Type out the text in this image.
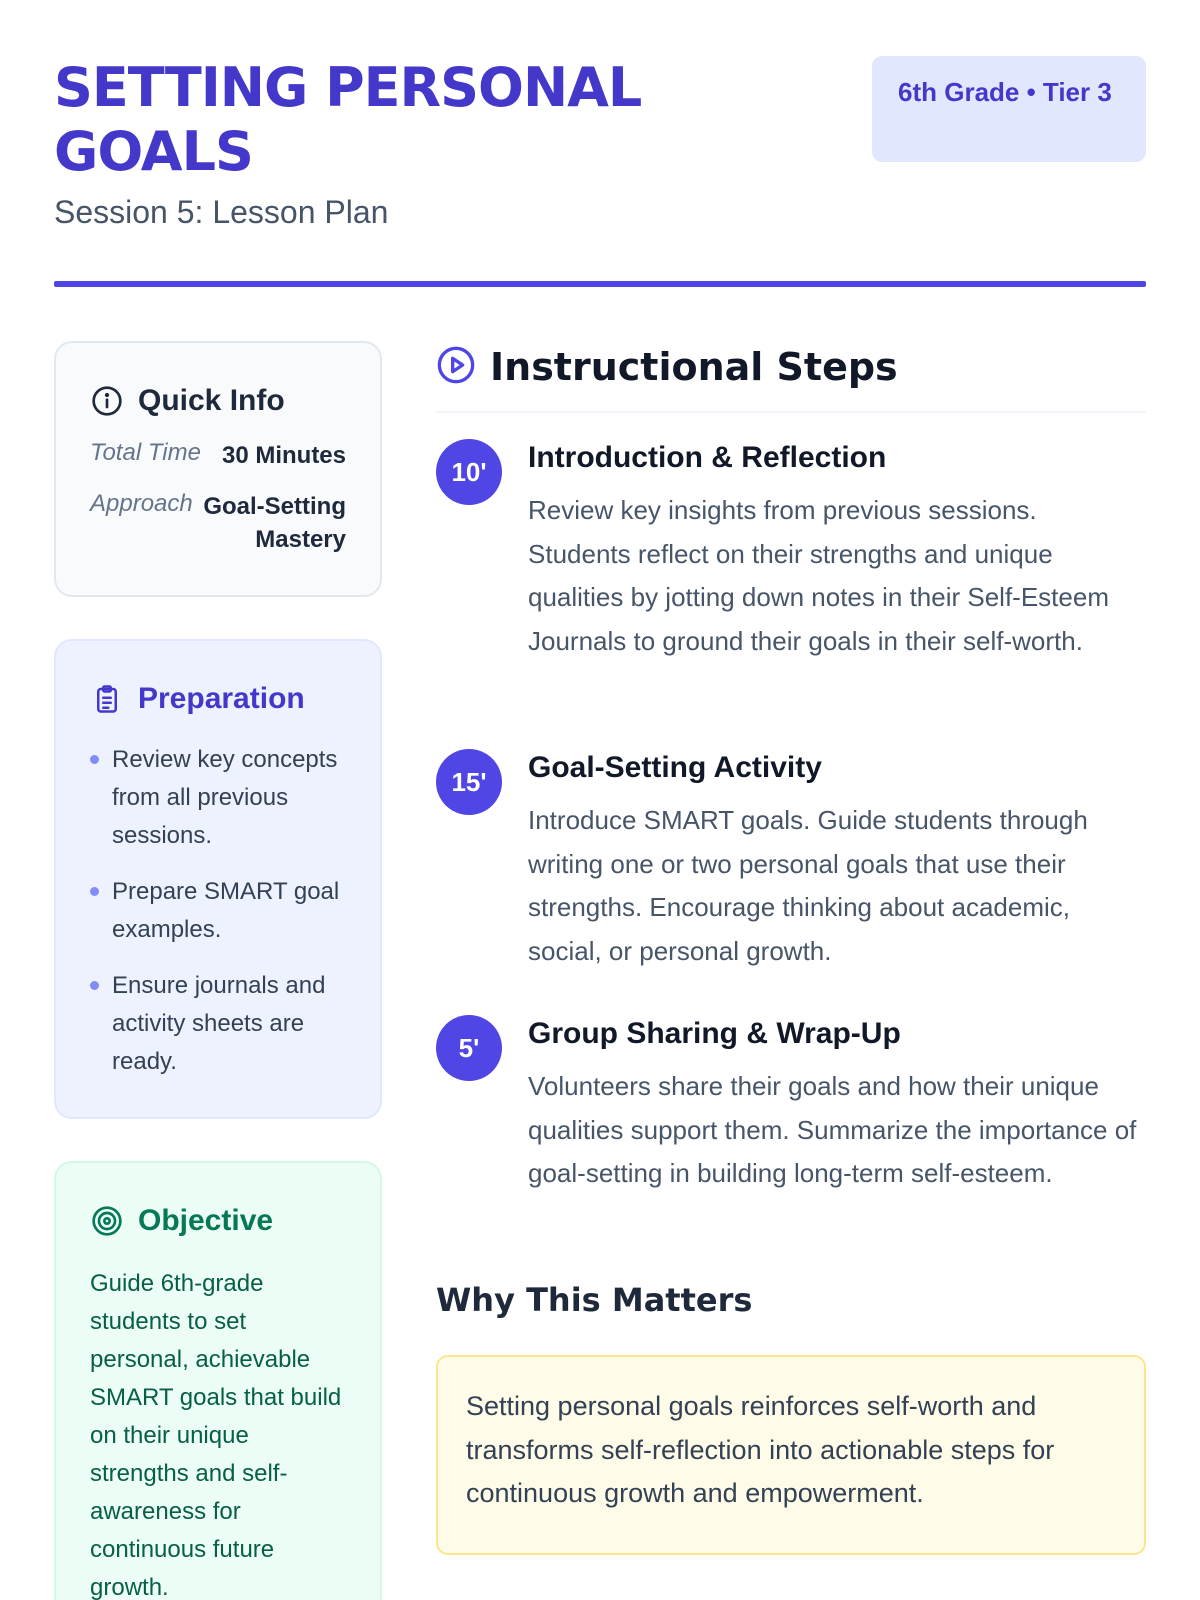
SETTING PERSONAL GOALS
Session 5: Lesson Plan
6th Grade • Tier 3
Quick Info
Total Time 30 Minutes
Approach Goal-Setting Mastery
Preparation
Review key concepts from all previous sessions.
Prepare SMART goal examples.
Ensure journals and activity sheets are ready.
Objective

Guide 6th-grade students to set personal, achievable SMART goals that build on their unique strengths and self-awareness for continuous future growth.

Instructional Steps
10'	Introduction & Reflection
Review key insights from previous sessions. Students reflect on their strengths and unique qualities by jotting down notes in their Self-Esteem Journals to ground their goals in their self-worth.
15'	Goal-Setting Activity
Introduce SMART goals. Guide students through writing one or two personal goals that use their strengths. Encourage thinking about academic, social, or personal growth.
5'	Group Sharing & Wrap-Up
Volunteers share their goals and how their unique qualities support them. Summarize the importance of goal-setting in building long-term self-esteem.
Why This Matters
Setting personal goals reinforces self-worth and transforms self-reflection into actionable steps for continuous growth and empowerment.
